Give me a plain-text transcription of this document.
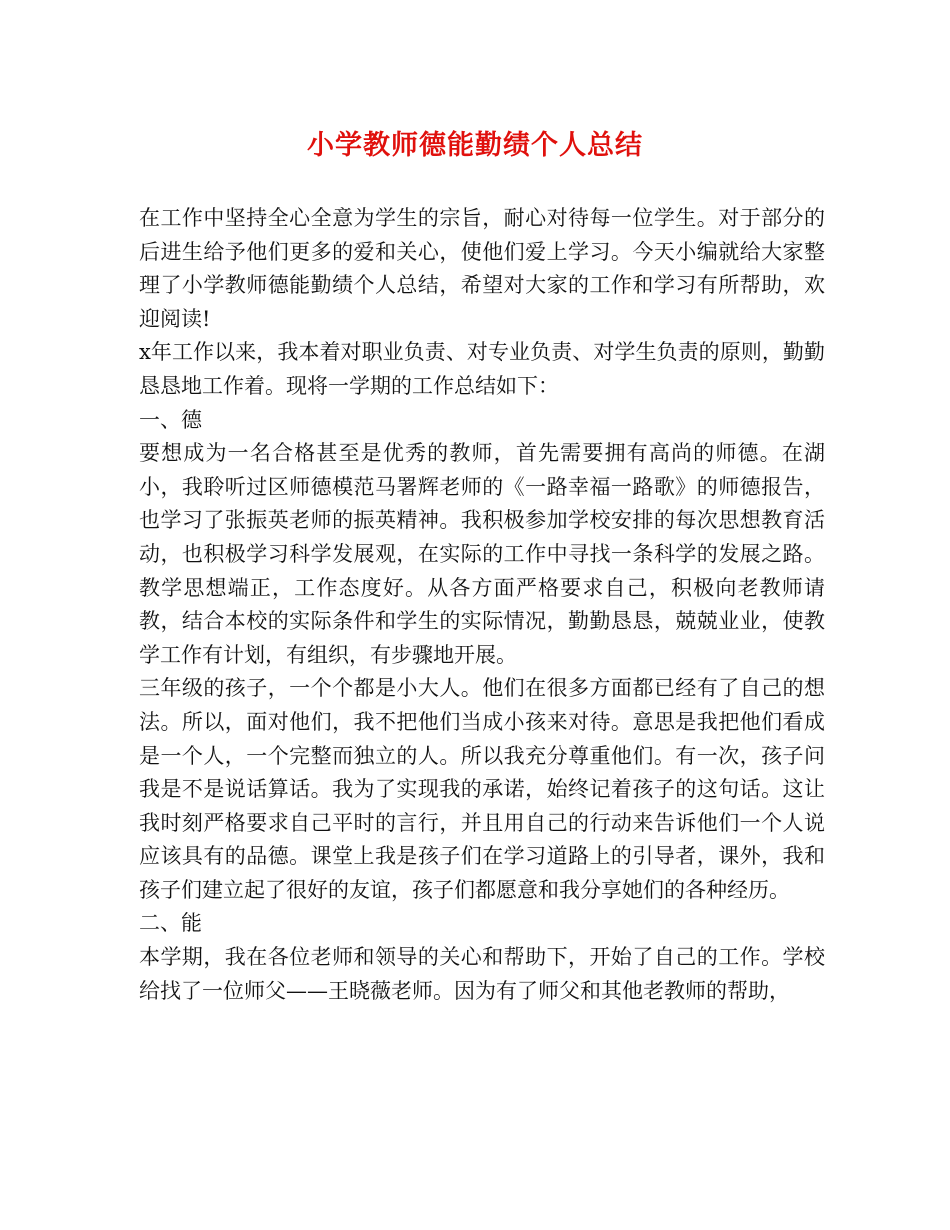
小学教师德能勤绩个人总结

在工作中坚持全心全意为学生的宗旨，耐心对待每一位学生。对于部分的后进生给予他们更多的爱和关心，使他们爱上学习。今天小编就给大家整理了小学教师德能勤绩个人总结，希望对大家的工作和学习有所帮助，欢迎阅读!

x年工作以来，我本着对职业负责、对专业负责、对学生负责的原则，勤勤恳恳地工作着。现将一学期的工作总结如下：

一、德

要想成为一名合格甚至是优秀的教师，首先需要拥有高尚的师德。在湖小，我聆听过区师德模范马署辉老师的《一路幸福一路歌》的师德报告，也学习了张振英老师的振英精神。我积极参加学校安排的每次思想教育活动，也积极学习科学发展观，在实际的工作中寻找一条科学的发展之路。教学思想端正，工作态度好。从各方面严格要求自己，积极向老教师请教，结合本校的实际条件和学生的实际情况，勤勤恳恳，兢兢业业，使教学工作有计划，有组织，有步骤地开展。

三年级的孩子，一个个都是小大人。他们在很多方面都已经有了自己的想法。所以，面对他们，我不把他们当成小孩来对待。意思是我把他们看成是一个人，一个完整而独立的人。所以我充分尊重他们。有一次，孩子问我是不是说话算话。我为了实现我的承诺，始终记着孩子的这句话。这让我时刻严格要求自己平时的言行，并且用自己的行动来告诉他们一个人说应该具有的品德。课堂上我是孩子们在学习道路上的引导者，课外，我和孩子们建立起了很好的友谊，孩子们都愿意和我分享她们的各种经历。

二、能

本学期，我在各位老师和领导的关心和帮助下，开始了自己的工作。学校给找了一位师父——王晓薇老师。因为有了师父和其他老教师的帮助，
